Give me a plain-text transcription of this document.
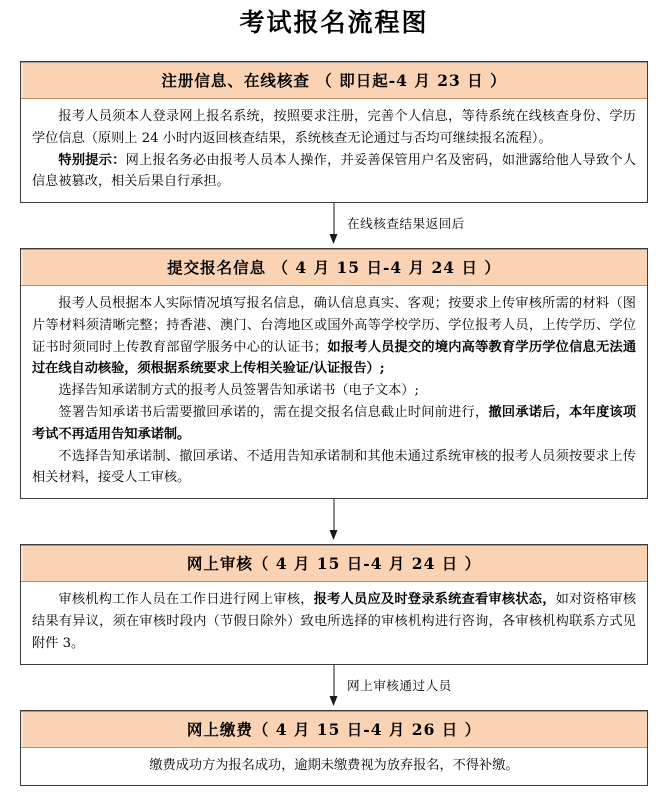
考试报名流程图
注册信息、在线核查 （ 即日起-4 月 23 日 ）

报考人员须本人登录网上报名系统，按照要求注册，完善个人信息，等待系统在线核查身份、学历学位信息（原则上 24 小时内返回核查结果，系统核查无论通过与否均可继续报名流程）。

特别提示：网上报名务必由报考人员本人操作，并妥善保管用户名及密码，如泄露给他人导致个人信息被篡改，相关后果自行承担。

在线核查结果返回后
提交报名信息 （ 4 月 15 日-4 月 24 日 ）

报考人员根据本人实际情况填写报名信息，确认信息真实、客观；按要求上传审核所需的材料（图片等材料须清晰完整；持香港、澳门、台湾地区或国外高等学校学历、学位报考人员，上传学历、学位证书时须同时上传教育部留学服务中心的认证书；如报考人员提交的境内高等教育学历学位信息无法通过在线自动核验，须根据系统要求上传相关验证/认证报告）;

选择告知承诺制方式的报考人员签署告知承诺书（电子文本）;

签署告知承诺书后需要撤回承诺的，需在提交报名信息截止时间前进行，撤回承诺后，本年度该项考试不再适用告知承诺制。

不选择告知承诺制、撤回承诺、不适用告知承诺制和其他未通过系统审核的报考人员须按要求上传相关材料，接受人工审核。

网上审核（ 4 月 15 日-4 月 24 日 ）

审核机构工作人员在工作日进行网上审核，报考人员应及时登录系统查看审核状态，如对资格审核结果有异议，须在审核时段内（节假日除外）致电所选择的审核机构进行咨询，各审核机构联系方式见附件 3。

网上审核通过人员
网上缴费（ 4 月 15 日-4 月 26 日 ）

缴费成功方为报名成功，逾期未缴费视为放弃报名，不得补缴。
